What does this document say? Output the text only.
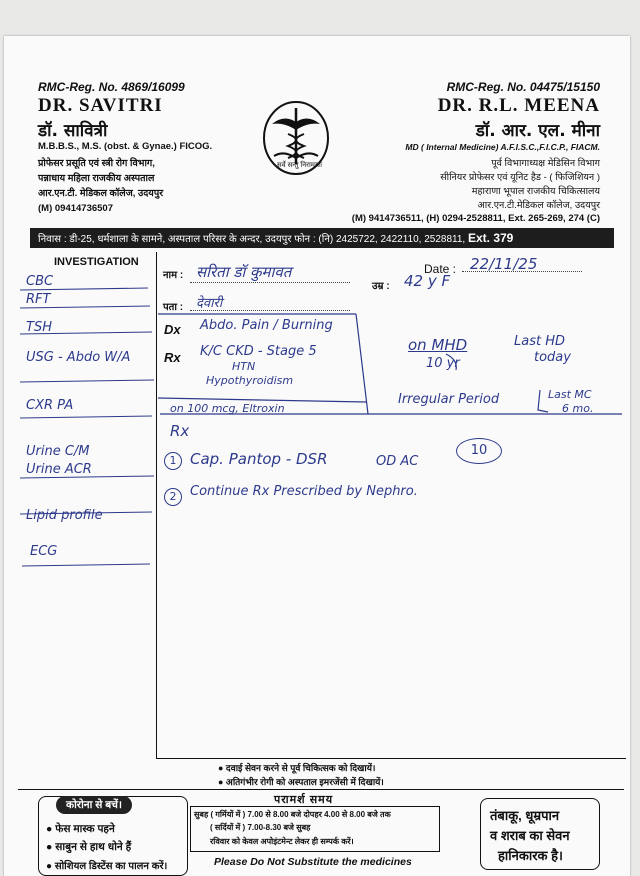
RMC-Reg. No. 4869/16099
DR. SAVITRI
डॉ. सावित्री
M.B.B.S., M.S. (obst. & Gynae.) FICOG.
प्रोफेसर प्रसूति एवं स्त्री रोग विभाग,
पन्नाधाय महिला राजकीय अस्पताल
आर.एन.टी. मेडिकल कॉलेज, उदयपुर
(M) 09414736507
सर्वे सन्तु निरामयाः
RMC-Reg. No. 04475/15150
DR. R.L. MEENA
डॉ. आर. एल. मीना
MD ( Internal Medicine) A.F.I.S.C.,F.I.C.P., FIACM.
पूर्व विभागाध्यक्ष मेडिसिन विभाग
सीनियर प्रोफेसर एवं यूनिट हैड - ( फिजिशियन )
महाराणा भूपाल राजकीय चिकित्सालय
आर.एन.टी.मेडिकल कॉलेज, उदयपुर
(M) 9414736511, (H) 0294-2528811, Ext. 265-269, 274 (C)
निवास : डी-25, धर्मशाला के सामने, अस्पताल परिसर के अन्दर, उदयपुर फोन : (नि) 2425722, 2422110, 2528811, Ext. 379
INVESTIGATION
CBC
RFT
TSH
USG - Abdo W/A
CXR PA
Urine C/M
Urine ACR
Lipid profile
ECG
नाम : सरिता डॉ कुमावत
उम्र : 42 y F
Date : 22/11/25
पता : देवारी
Dx
Rx
Abdo. Pain / Burning
K/C CKD - Stage 5
HTN
Hypothyroidism
on 100 mcg, Eltroxin
on MHD
10 yr
Last HD
today
Irregular Period	Last MC
6 mo.
Rx
1 Cap. Pantop - DSR	OD AC
10
2	Continue Rx Prescribed by Nephro.
● दवाई सेवन करने से पूर्व चिकित्सक को दिखायें।
● अतिगंभीर रोगी को अस्पताल इमरजेंसी में दिखायें।
कोरोना से बचें।
● फेस मास्क पहने
● साबुन से हाथ धोने हैं
● सोशियल डिस्टेंस का पालन करें।
परामर्श समय
सुबह ( गर्मियों में ) 7.00 से 8.00 बजे दोपहर 4.00 से 8.00 बजे तक
( सर्दियों में ) 7.00-8.30 बजे सुबह
रविवार को केवल अपोइंटमेन्ट लेकर ही सम्पर्क करें।
Please Do Not Substitute the medicines
तंबाकू, धूम्रपान
व शराब का सेवन
हानिकारक है।
